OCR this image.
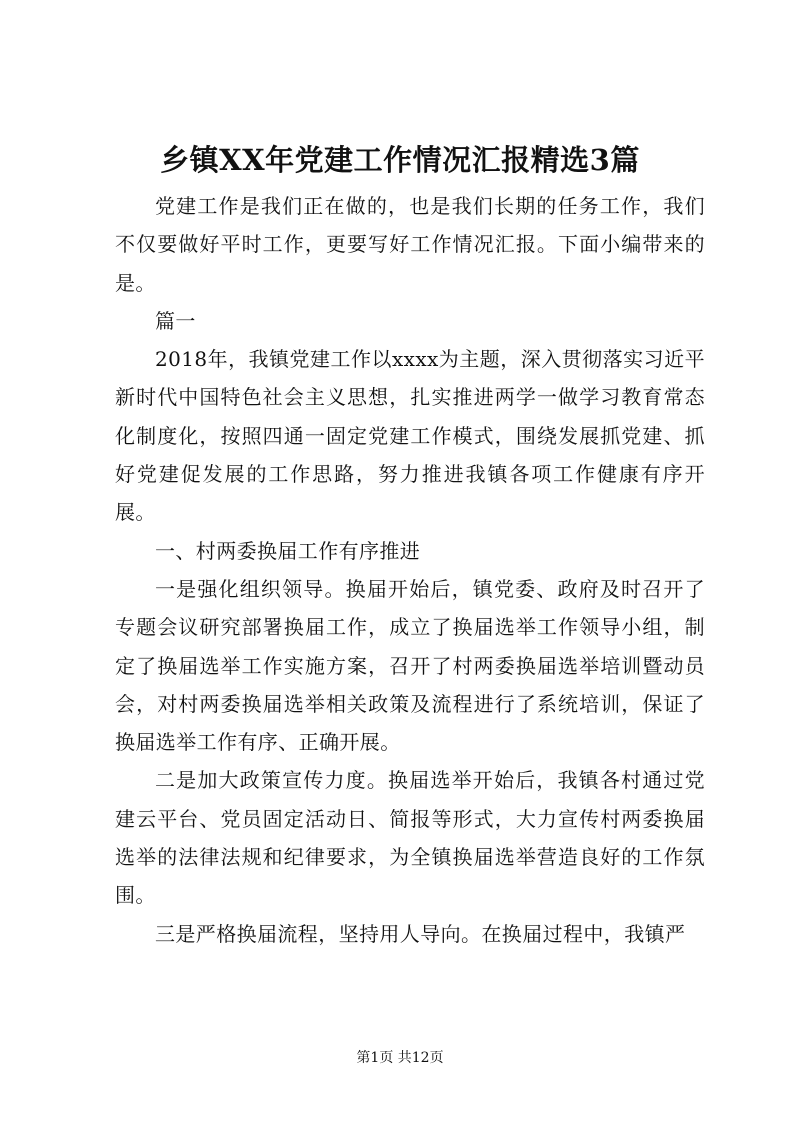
乡镇XX年党建工作情况汇报精选3篇

党建工作是我们正在做的，也是我们长期的任务工作，我们不仅要做好平时工作，更要写好工作情况汇报。下面小编带来的是。

篇一

2018年，我镇党建工作以xxxx为主题，深入贯彻落实习近平新时代中国特色社会主义思想，扎实推进两学一做学习教育常态化制度化，按照四通一固定党建工作模式，围绕发展抓党建、抓好党建促发展的工作思路，努力推进我镇各项工作健康有序开展。

一、村两委换届工作有序推进

一是强化组织领导。换届开始后，镇党委、政府及时召开了专题会议研究部署换届工作，成立了换届选举工作领导小组，制定了换届选举工作实施方案，召开了村两委换届选举培训暨动员会，对村两委换届选举相关政策及流程进行了系统培训，保证了换届选举工作有序、正确开展。

二是加大政策宣传力度。换届选举开始后，我镇各村通过党建云平台、党员固定活动日、简报等形式，大力宣传村两委换届选举的法律法规和纪律要求，为全镇换届选举营造良好的工作氛围。

三是严格换届流程，坚持用人导向。在换届过程中，我镇严

第1页 共12页
